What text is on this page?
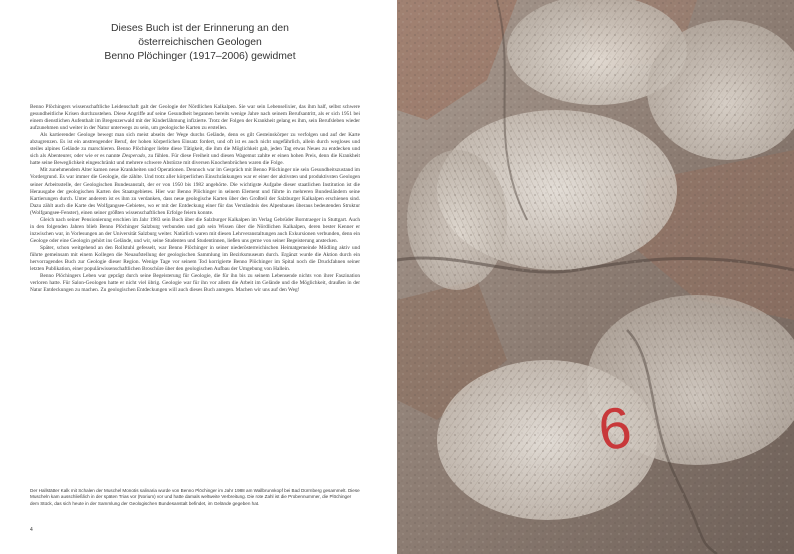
Dieses Buch ist der Erinnerung an den
österreichischen Geologen
Benno Plöchinger (1917–2006) gewidmet

Benno Plöchingers wissenschaftliche Leidenschaft galt der Geologie der Nördlichen Kalkalpen. Sie war sein Lebenselixier, das ihm half, selbst schwere gesundheitliche Krisen durchzustehen. Diese Angriffe auf seine Gesundheit begannen bereits wenige Jahre nach seinem Berufsantritt, als er sich 1951 bei einem dienstlichen Aufenthalt im Bregenzerwald mit der Kinderlähmung infizierte. Trotz der Folgen der Krankheit gelang es ihm, sein Berufsleben wieder aufzunehmen und weiter in der Natur unterwegs zu sein, um geologische Karten zu erstellen.

Als kartierender Geologe bewegt man sich meist abseits der Wege durchs Gelände, denn es gilt Gesteinskörper zu verfolgen und auf der Karte abzugrenzen. Es ist ein anstrengender Beruf, der hohen körperlichen Einsatz fordert, und oft ist es auch nicht ungefährlich, allein durch wegloses und steiles alpines Gelände zu marschieren. Benno Plöchinger liebte diese Tätigkeit, die ihm die Möglichkeit gab, jeden Tag etwas Neues zu entdecken und sich als Abenteurer, oder wie er es nannte Desperado, zu fühlen. Für diese Freiheit und diesen Wagemut zahlte er einen hohen Preis, denn die Krankheit hatte seine Beweglichkeit eingeschränkt und mehrere schwere Abstürze mit diversen Knochenbrüchen waren die Folge.

Mit zunehmendem Alter kamen neue Krankheiten und Operationen. Dennoch war im Gespräch mit Benno Plöchinger nie sein Gesundheitszustand im Vordergrund. Es war immer die Geologie, die zählte. Und trotz aller körperlichen Einschränkungen war er einer der aktivsten und produktivsten Geologen seiner Arbeitsstelle, der Geologischen Bundesanstalt, der er von 1950 bis 1982 angehörte. Die wichtigste Aufgabe dieser staatlichen Institution ist die Herausgabe der geologischen Karten des Staatsgebietes. Hier war Benno Plöchinger in seinem Element und führte in mehreren Bundesländern seine Kartierungen durch. Unter anderem ist es ihm zu verdanken, dass neue geologische Karten über den Großteil der Salzburger Kalkalpen erschienen sind. Dazu zählt auch die Karte des Wolfgangsee-Gebietes, wo er mit der Entdeckung einer für das Verständnis des Alpenbaues überaus bedeutenden Struktur (Wolfgangsee-Fenster), einen seiner größten wissenschaftlichen Erfolge feiern konnte.

Gleich nach seiner Pensionierung erschien im Jahr 1983 sein Buch über die Salzburger Kalkalpen im Verlag Gebrüder Borntraeger in Stuttgart. Auch in den folgenden Jahren blieb Benno Plöchinger Salzburg verbunden und gab sein Wissen über die Nördlichen Kalkalpen, deren bester Kenner er inzwischen war, in Vorlesungen an der Universität Salzburg weiter. Natürlich waren mit diesen Lehrveranstaltungen auch Exkursionen verbunden, denn ein Geologe oder eine Geologin gehört ins Gelände, und wir, seine Studenten und Studentinnen, ließen uns gerne von seiner Begeisterung anstecken.

Später, schon weitgehend an den Rollstuhl gefesselt, war Benno Plöchinger in seiner niederösterreichischen Heimatgemeinde Mödling aktiv und führte gemeinsam mit einem Kollegen die Neuaufstellung der geologischen Sammlung im Bezirksmuseum durch. Ergänzt wurde die Aktion durch ein hervorragendes Buch zur Geologie dieser Region. Wenige Tage vor seinem Tod korrigierte Benno Plöchinger im Spital noch die Druckfahnen seiner letzten Publikation, einer populärwissenschaftlichen Broschüre über den geologischen Aufbau der Umgebung von Hallein.

Benno Plöchingers Leben war geprägt durch seine Begeisterung für Geologie, die für ihn bis zu seinem Lebensende nichts von ihrer Faszination verloren hatte. Für Salon-Geologen hatte er nicht viel übrig. Geologie war für ihn vor allem die Arbeit im Gelände und die Möglichkeit, draußen in der Natur Entdeckungen zu machen. Zu geologischen Entdeckungen will auch dieses Buch anregen. Machen wir uns auf den Weg!

Der Hallstätter Kalk mit Schalen der Muschel Monotis salinaria wurde von Benno Plöchinger im Jahr 1988 am Wallbrunnkopf bei Bad Dürrnberg gesammelt. Diese Muscheln kam ausschließlich in der späten Trias vor (Norium) vor und hatte damals weltweite Verbreitung. Die rote Zahl ist die Probennummer, die Plöchinger dem Stück, das sich heute in der Sammlung der Geologischen Bundesanstalt befindet, im Gelände gegeben hat.
4
6
